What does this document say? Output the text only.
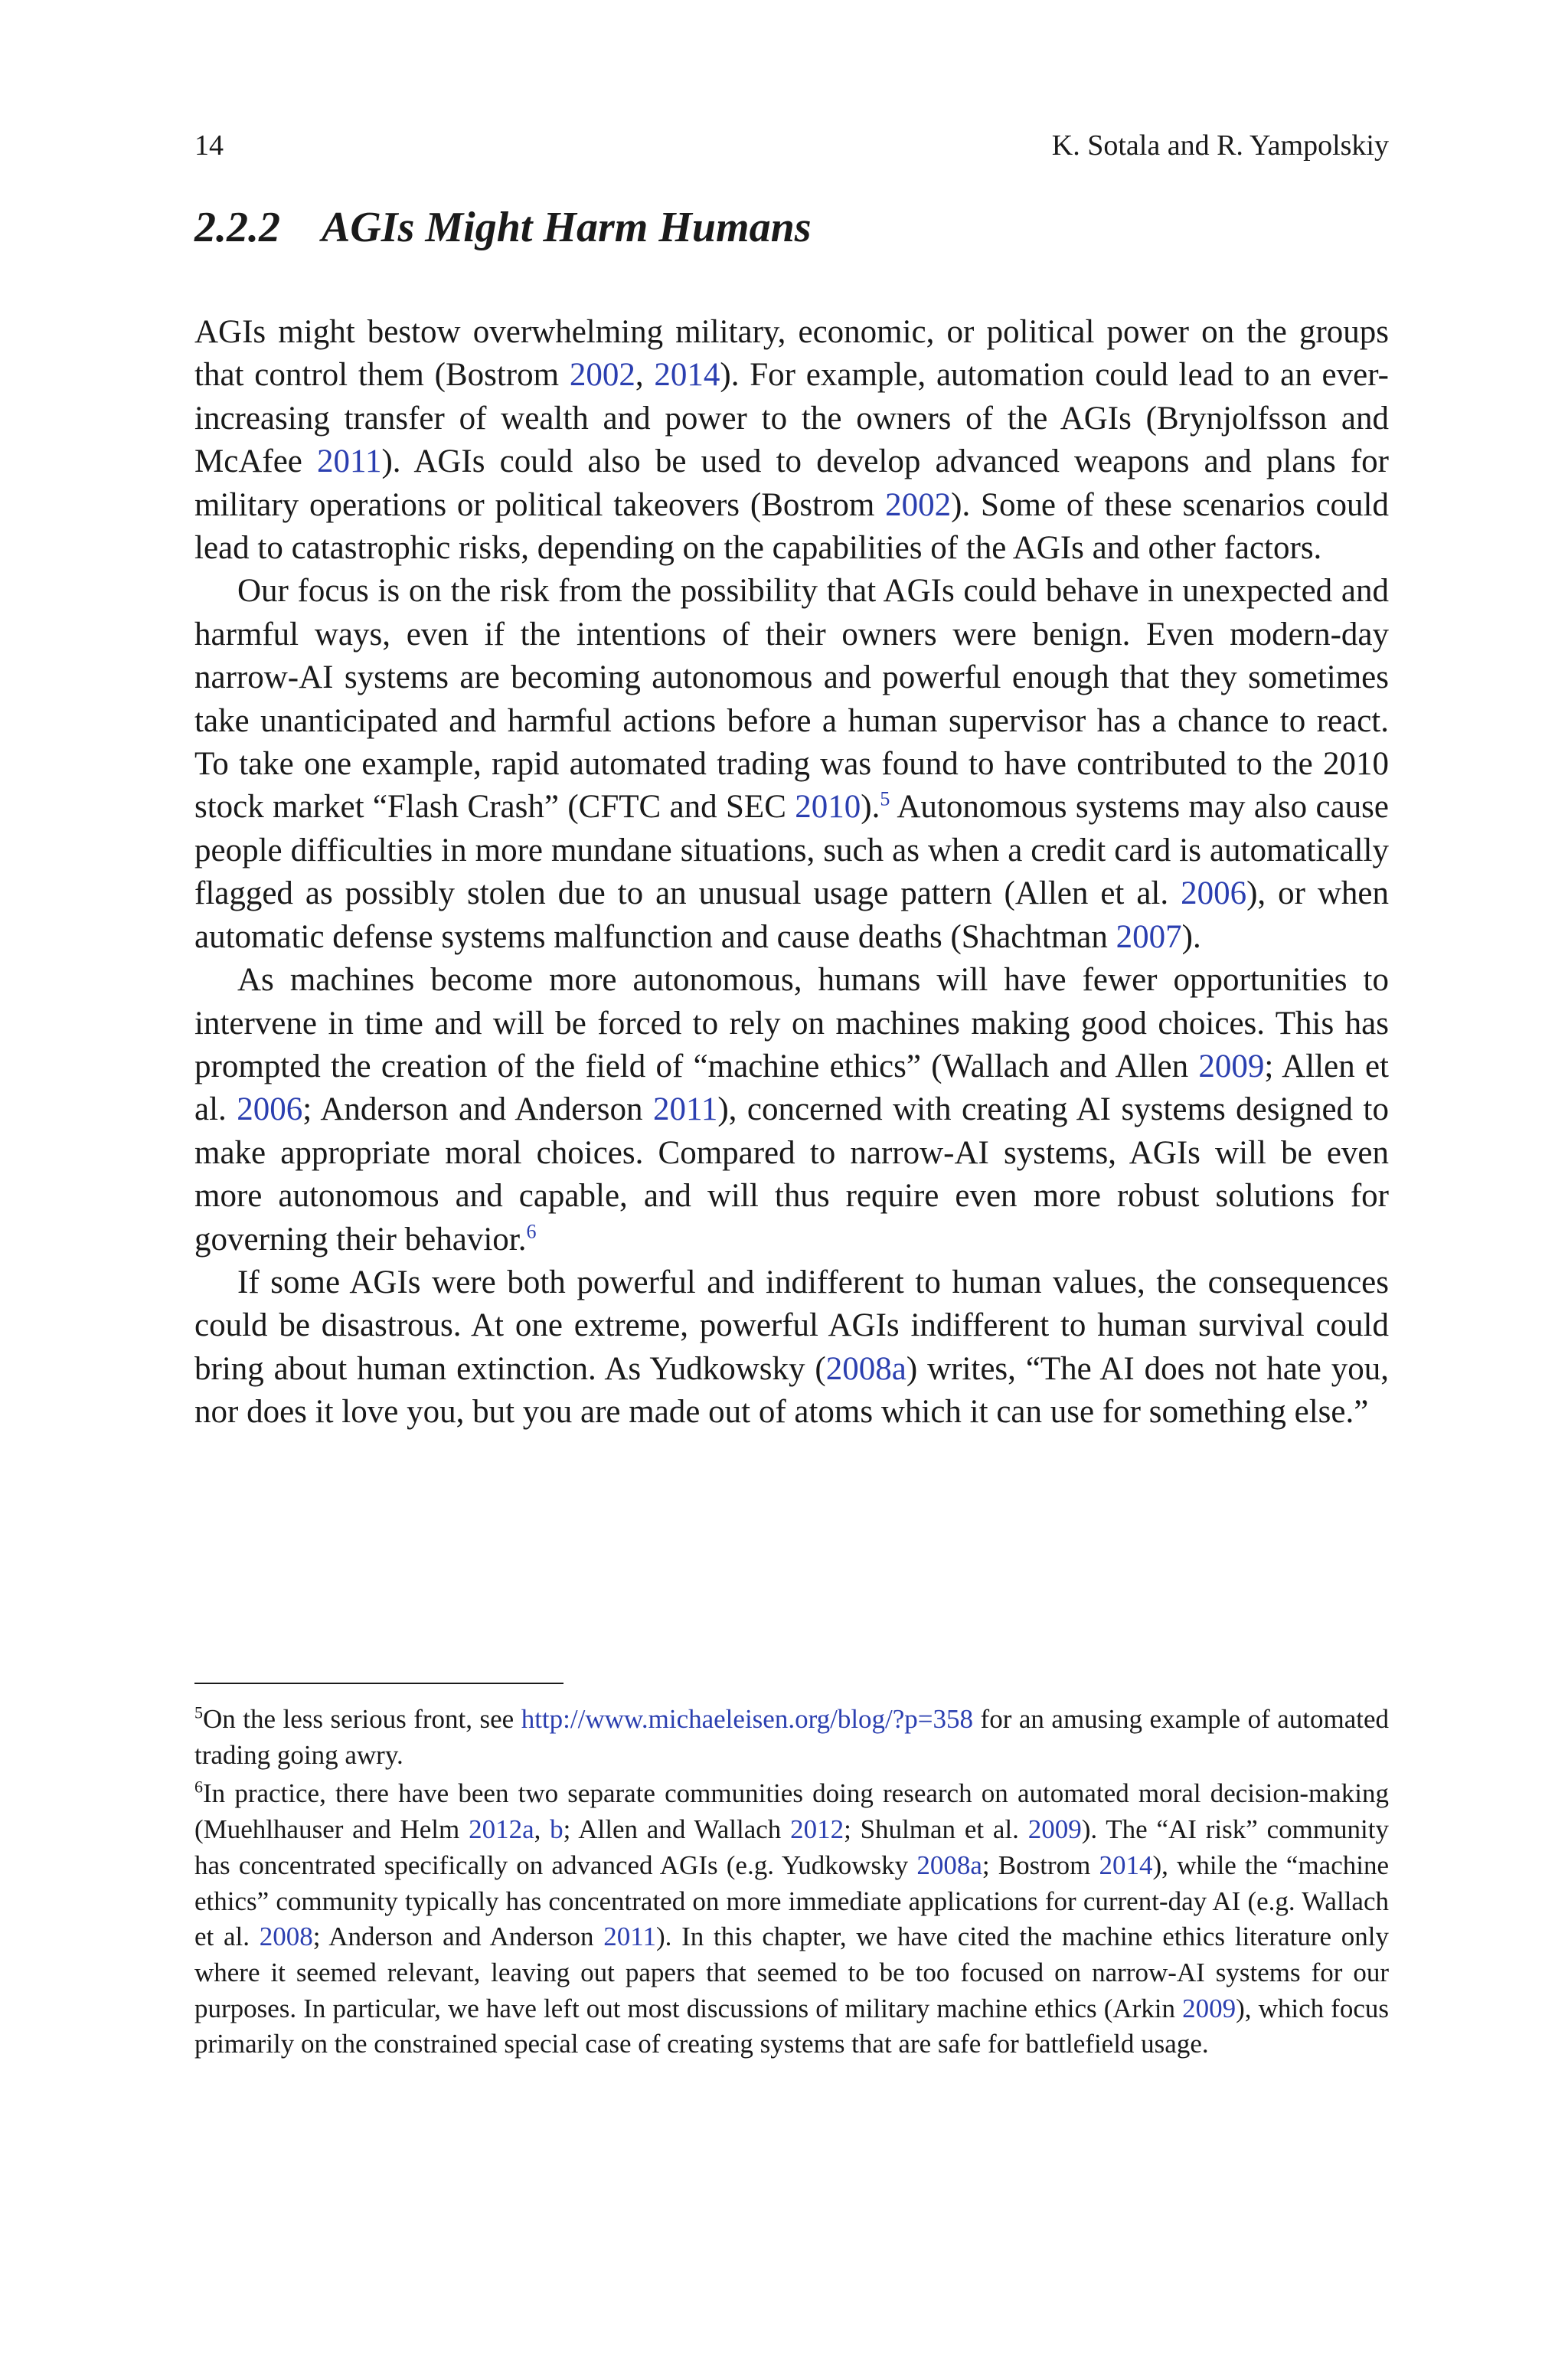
14	K. Sotala and R. Yampolskiy
2.2.2 AGIs Might Harm Humans

AGIs might bestow overwhelming military, economic, or political power on the groups that control them (Bostrom 2002, 2014). For example, automation could lead to an ever-increasing transfer of wealth and power to the owners of the AGIs (Brynjolfsson and McAfee 2011). AGIs could also be used to develop advanced weapons and plans for military operations or political takeovers (Bostrom 2002). Some of these scenarios could lead to catastrophic risks, depending on the capabilities of the AGIs and other factors.

Our focus is on the risk from the possibility that AGIs could behave in unexpected and harmful ways, even if the intentions of their owners were benign. Even modern-day narrow-AI systems are becoming autonomous and powerful enough that they sometimes take unanticipated and harmful actions before a human supervisor has a chance to react. To take one example, rapid automated trading was found to have contributed to the 2010 stock market “Flash Crash” (CFTC and SEC 2010).$^5$ Autonomous systems may also cause people difficulties in more mundane situations, such as when a credit card is automatically flagged as possibly stolen due to an unusual usage pattern (Allen et al. 2006), or when automatic defense systems malfunction and cause deaths (Shachtman 2007).

As machines become more autonomous, humans will have fewer opportunities to intervene in time and will be forced to rely on machines making good choices. This has prompted the creation of the field of “machine ethics” (Wallach and Allen 2009; Allen et al. 2006; Anderson and Anderson 2011), concerned with creating AI systems designed to make appropriate moral choices. Compared to narrow-AI systems, AGIs will be even more autonomous and capable, and will thus require even more robust solutions for governing their behavior.$^6$

If some AGIs were both powerful and indifferent to human values, the consequences could be disastrous. At one extreme, powerful AGIs indifferent to human survival could bring about human extinction. As Yudkowsky (2008a) writes, “The AI does not hate you, nor does it love you, but you are made out of atoms which it can use for something else.”

$^5$On the less serious front, see http://www.michaeleisen.org/blog/?p=358 for an amusing example of automated trading going awry.

$^6$In practice, there have been two separate communities doing research on automated moral decision-making (Muehlhauser and Helm 2012a, b; Allen and Wallach 2012; Shulman et al. 2009). The “AI risk” community has concentrated specifically on advanced AGIs (e.g. Yudkowsky 2008a; Bostrom 2014), while the “machine ethics” community typically has concentrated on more immediate applications for current-day AI (e.g. Wallach et al. 2008; Anderson and Anderson 2011). In this chapter, we have cited the machine ethics literature only where it seemed relevant, leaving out papers that seemed to be too focused on narrow-AI systems for our purposes. In particular, we have left out most discussions of military machine ethics (Arkin 2009), which focus primarily on the constrained special case of creating systems that are safe for battlefield usage.
